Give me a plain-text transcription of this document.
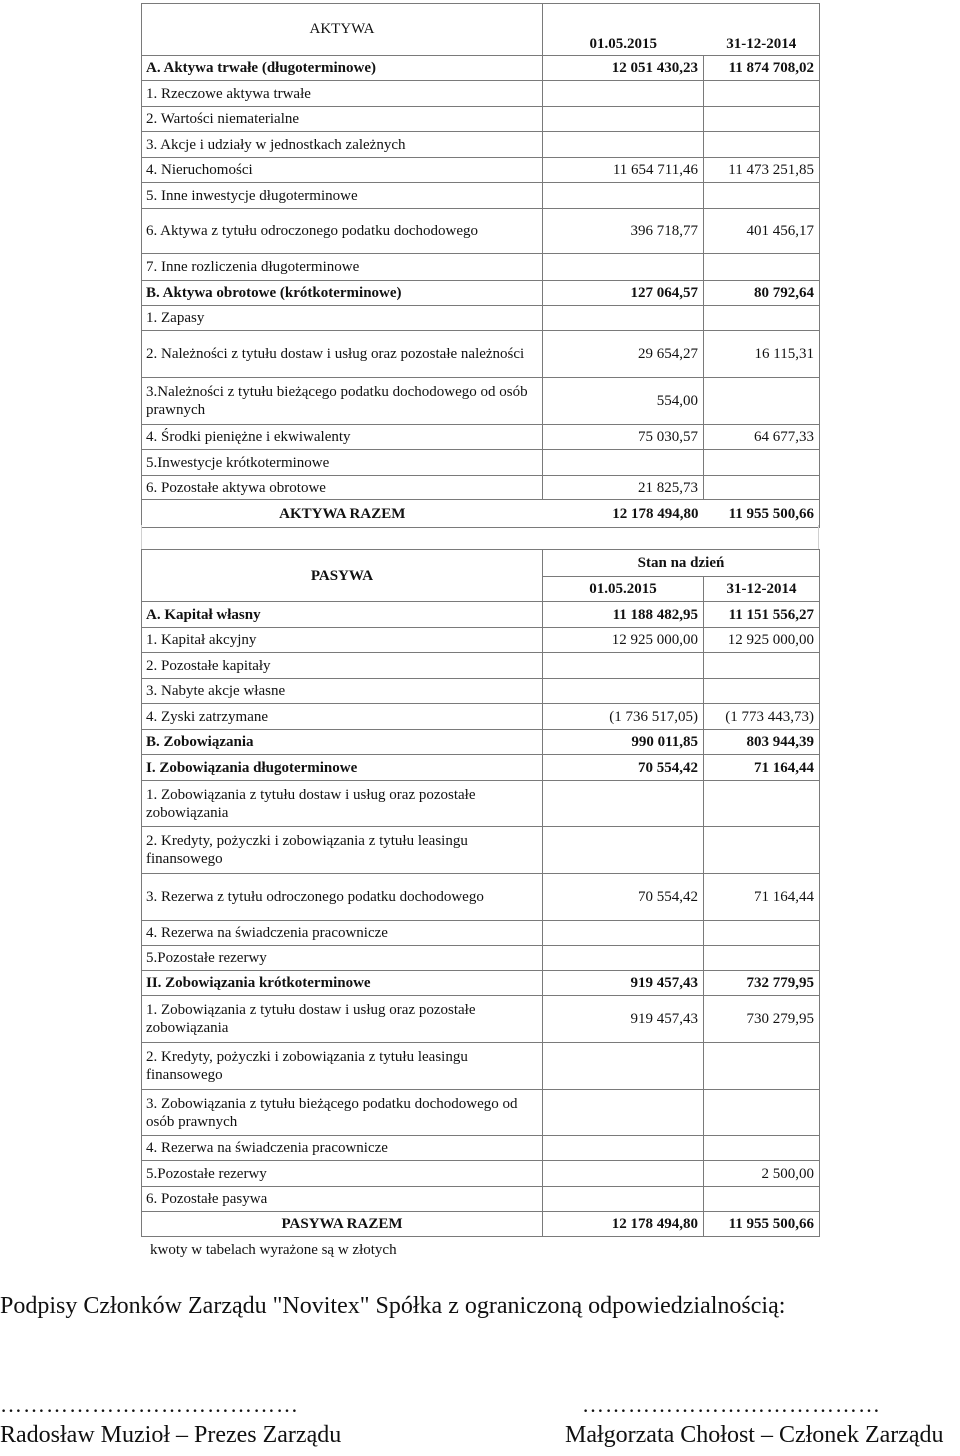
AKTYWA	01.05.2015	31-12-2014
A. Aktywa trwałe (długoterminowe)	12 051 430,23	11 874 708,02
1. Rzeczowe aktywa trwałe		
2. Wartości niematerialne		
3. Akcje i udziały w jednostkach zależnych		
4. Nieruchomości	11 654 711,46	11 473 251,85
5. Inne inwestycje długoterminowe		
6. Aktywa z tytułu odroczonego podatku dochodowego	396 718,77	401 456,17
7. Inne rozliczenia długoterminowe		
B. Aktywa obrotowe (krótkoterminowe)	127 064,57	80 792,64
1. Zapasy		
2. Należności z tytułu dostaw i usług oraz pozostałe należności	29 654,27	16 115,31
3.Należności z tytułu bieżącego podatku dochodowego od osób prawnych	554,00	
4. Środki pieniężne i ekwiwalenty	75 030,57	64 677,33
5.Inwestycje krótkoterminowe		
6. Pozostałe aktywa obrotowe	21 825,73	
AKTYWA RAZEM	12 178 494,80	11 955 500,66
PASYWA	Stan na dzień	
	01.05.2015	31-12-2014
A. Kapitał własny	11 188 482,95	11 151 556,27
1. Kapitał akcyjny	12 925 000,00	12 925 000,00
2. Pozostałe kapitały		
3. Nabyte akcje własne		
4. Zyski zatrzymane	(1 736 517,05)	(1 773 443,73)
B. Zobowiązania	990 011,85	803 944,39
I. Zobowiązania długoterminowe	70 554,42	71 164,44
1. Zobowiązania z tytułu dostaw i usług oraz pozostałe zobowiązania		
2. Kredyty, pożyczki i zobowiązania z tytułu leasingu finansowego		
3. Rezerwa z tytułu odroczonego podatku dochodowego	70 554,42	71 164,44
4. Rezerwa na świadczenia pracownicze		
5.Pozostałe rezerwy		
II. Zobowiązania krótkoterminowe	919 457,43	732 779,95
1. Zobowiązania z tytułu dostaw i usług oraz pozostałe zobowiązania	919 457,43	730 279,95
2. Kredyty, pożyczki i zobowiązania z tytułu leasingu finansowego		
3. Zobowiązania z tytułu bieżącego podatku dochodowego od osób prawnych		
4. Rezerwa na świadczenia pracownicze		
5.Pozostałe rezerwy		2 500,00
6. Pozostałe pasywa		
PASYWA RAZEM	12 178 494,80	11 955 500,66
kwoty w tabelach wyrażone są w złotych
Podpisy Członków Zarządu "Novitex" Spółka z ograniczoną odpowiedzialnością:
…………………………………	…………………………………
Radosław Muzioł – Prezes Zarządu	Małgorzata Chołost – Członek Zarządu
